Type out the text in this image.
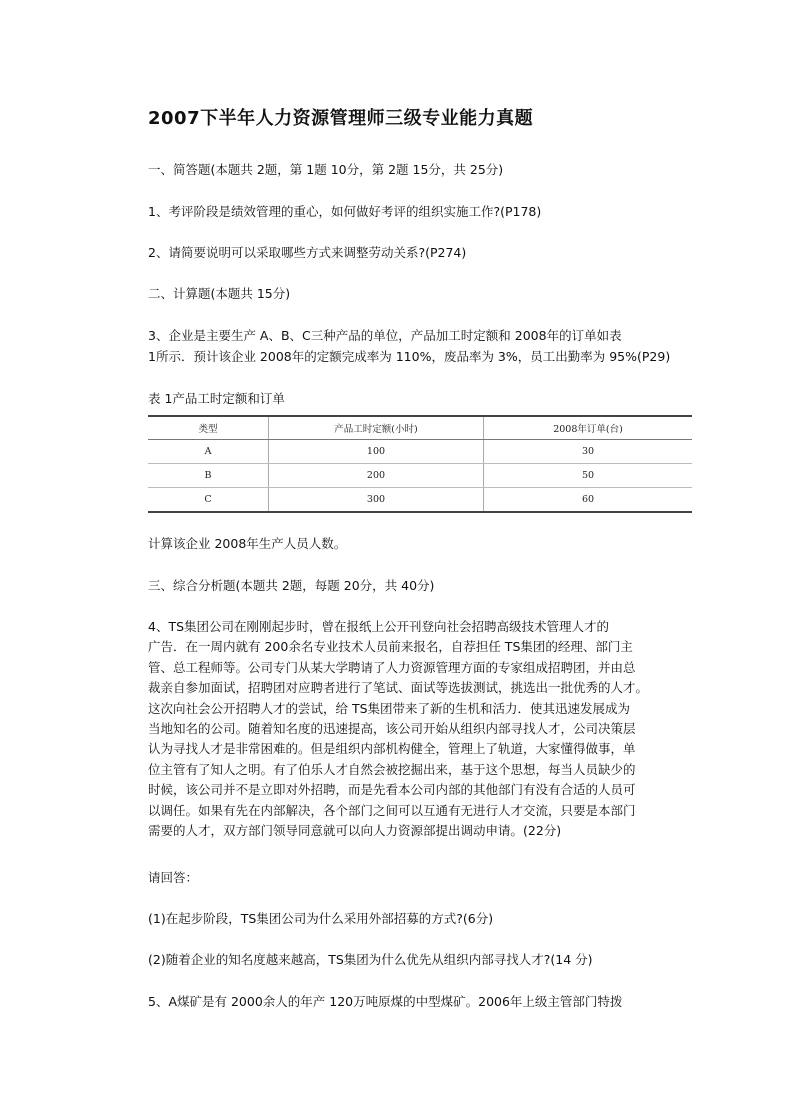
2007下半年人力资源管理师三级专业能力真题
一、简答题(本题共 2题，第 1题 10分，第 2题 15分，共 25分)
1、考评阶段是绩效管理的重心，如何做好考评的组织实施工作?(P178)
2、请简要说明可以采取哪些方式来调整劳动关系?(P274)
二、计算题(本题共 15分)
3、企业是主要生产 A、B、C三种产品的单位，产品加工时定额和 2008年的订单如表
1所示．预计该企业 2008年的定额完成率为 110%，废品率为 3%，员工出勤率为 95%(P29)
表 1产品工时定额和订单
类型	产品工时定额(小时)	2008年订单(台)
A	100	30
B	200	50
C	300	60
计算该企业 2008年生产人员人数。
三、综合分析题(本题共 2题，每题 20分，共 40分)
4、TS集团公司在刚刚起步时，曾在报纸上公开刊登向社会招聘高级技术管理人才的
广告．在一周内就有 200余名专业技术人员前来报名，自荐担任 TS集团的经理、部门主
管、总工程师等。公司专门从某大学聘请了人力资源管理方面的专家组成招聘团，并由总
裁亲自参加面试，招聘团对应聘者进行了笔试、面试等选拔测试，挑选出一批优秀的人才。
这次向社会公开招聘人才的尝试，给 TS集团带来了新的生机和活力．使其迅速发展成为
当地知名的公司。随着知名度的迅速提高，该公司开始从组织内部寻找人才，公司决策层
认为寻找人才是非常困难的。但是组织内部机构健全，管理上了轨道，大家懂得做事，单
位主管有了知人之明。有了伯乐人才自然会被挖掘出来，基于这个思想，每当人员缺少的
时候，该公司并不是立即对外招聘，而是先看本公司内部的其他部门有没有合适的人员可
以调任。如果有先在内部解决，各个部门之间可以互通有无进行人才交流，只要是本部门
需要的人才，双方部门领导同意就可以向人力资源部提出调动申请。(22分)
请回答：
(1)在起步阶段，TS集团公司为什么采用外部招募的方式?(6分)
(2)随着企业的知名度越来越高，TS集团为什么优先从组织内部寻找人才?(14 分)
5、A煤矿是有 2000余人的年产 120万吨原煤的中型煤矿。2006年上级主管部门特拨
